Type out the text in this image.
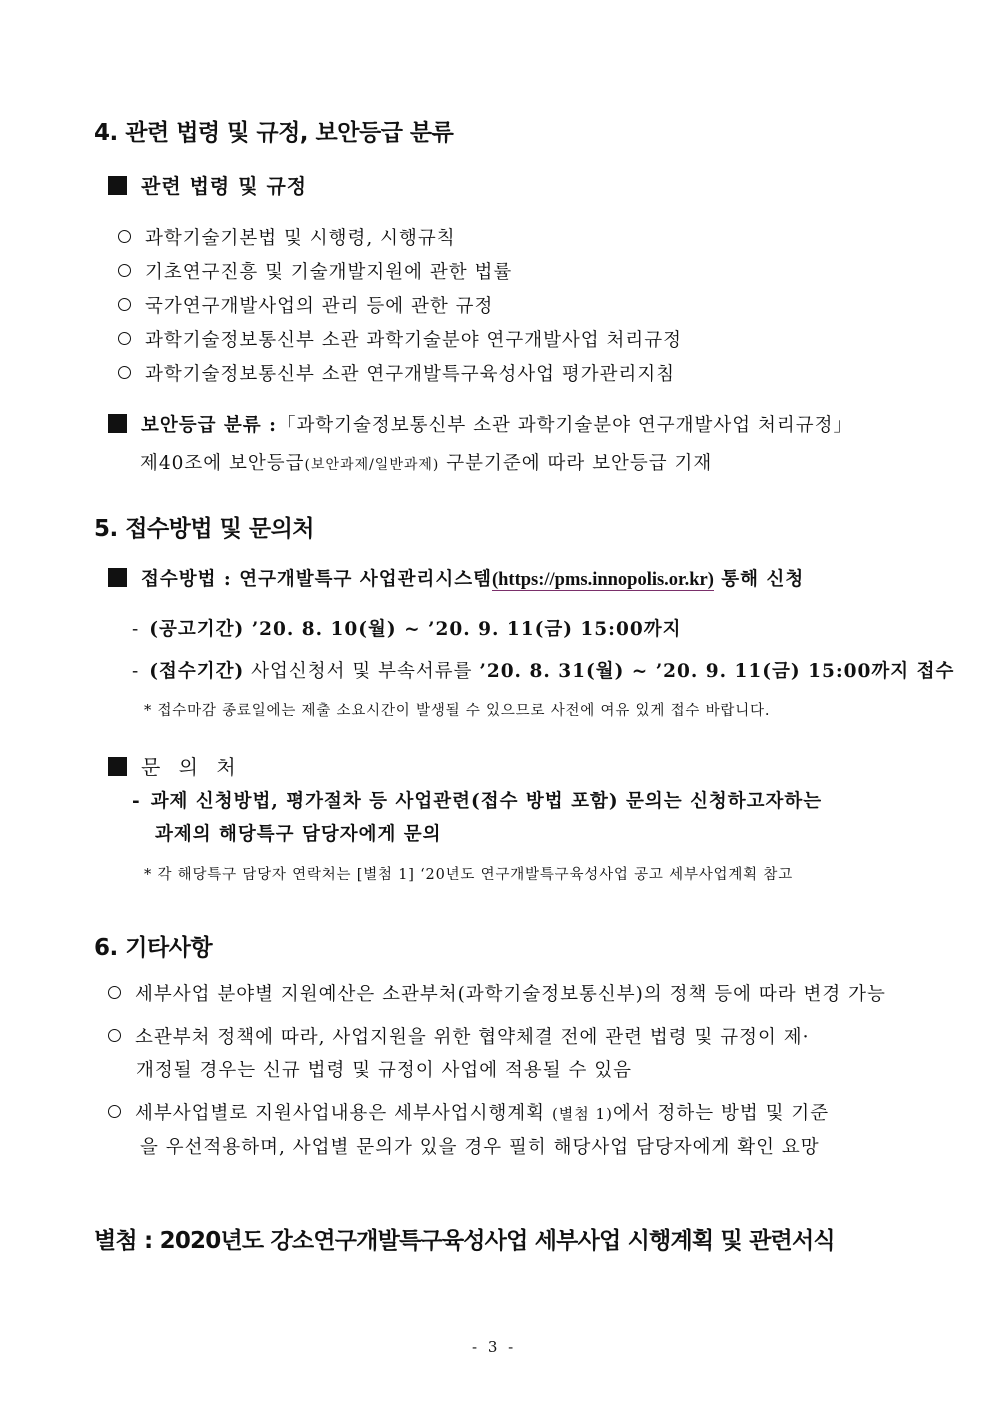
4. 관련 법령 및 규정, 보안등급 분류
관련 법령 및 규정
과학기술기본법 및 시행령, 시행규칙
기초연구진흥 및 기술개발지원에 관한 법률
국가연구개발사업의 관리 등에 관한 규정
과학기술정보통신부 소관 과학기술분야 연구개발사업 처리규정
과학기술정보통신부 소관 연구개발특구육성사업 평가관리지침
보안등급 분류 :「과학기술정보통신부 소관 과학기술분야 연구개발사업 처리규정」
제40조에 보안등급(보안과제/일반과제) 구분기준에 따라 보안등급 기재
5. 접수방법 및 문의처
접수방법 : 연구개발특구 사업관리시스템(https://pms.innopolis.or.kr) 통해 신청
- (공고기간) ’20. 8. 10(월) ~ ’20. 9. 11(금) 15:00까지
- (접수기간) 사업신청서 및 부속서류를 ’20. 8. 31(월) ~ ’20. 9. 11(금) 15:00까지 접수
* 접수마감 종료일에는 제출 소요시간이 발생될 수 있으므로 사전에 여유 있게 접수 바랍니다.
문 의 처
- 과제 신청방법, 평가절차 등 사업관련(접수 방법 포함) 문의는 신청하고자하는
과제의 해당특구 담당자에게 문의
* 각 해당특구 담당자 연락처는 [별첨 1] ‘20년도 연구개발특구육성사업 공고 세부사업계획 참고
6. 기타사항
세부사업 분야별 지원예산은 소관부처(과학기술정보통신부)의 정책 등에 따라 변경 가능
소관부처 정책에 따라, 사업지원을 위한 협약체결 전에 관련 법령 및 규정이 제·
개정될 경우는 신규 법령 및 규정이 사업에 적용될 수 있음
세부사업별로 지원사업내용은 세부사업시행계획 (별첨 1)에서 정하는 방법 및 기준
을 우선적용하며, 사업별 문의가 있을 경우 필히 해당사업 담당자에게 확인 요망
별첨 : 2020년도 강소연구개발특구육성사업 세부사업 시행계획 및 관련서식
- 3 -
